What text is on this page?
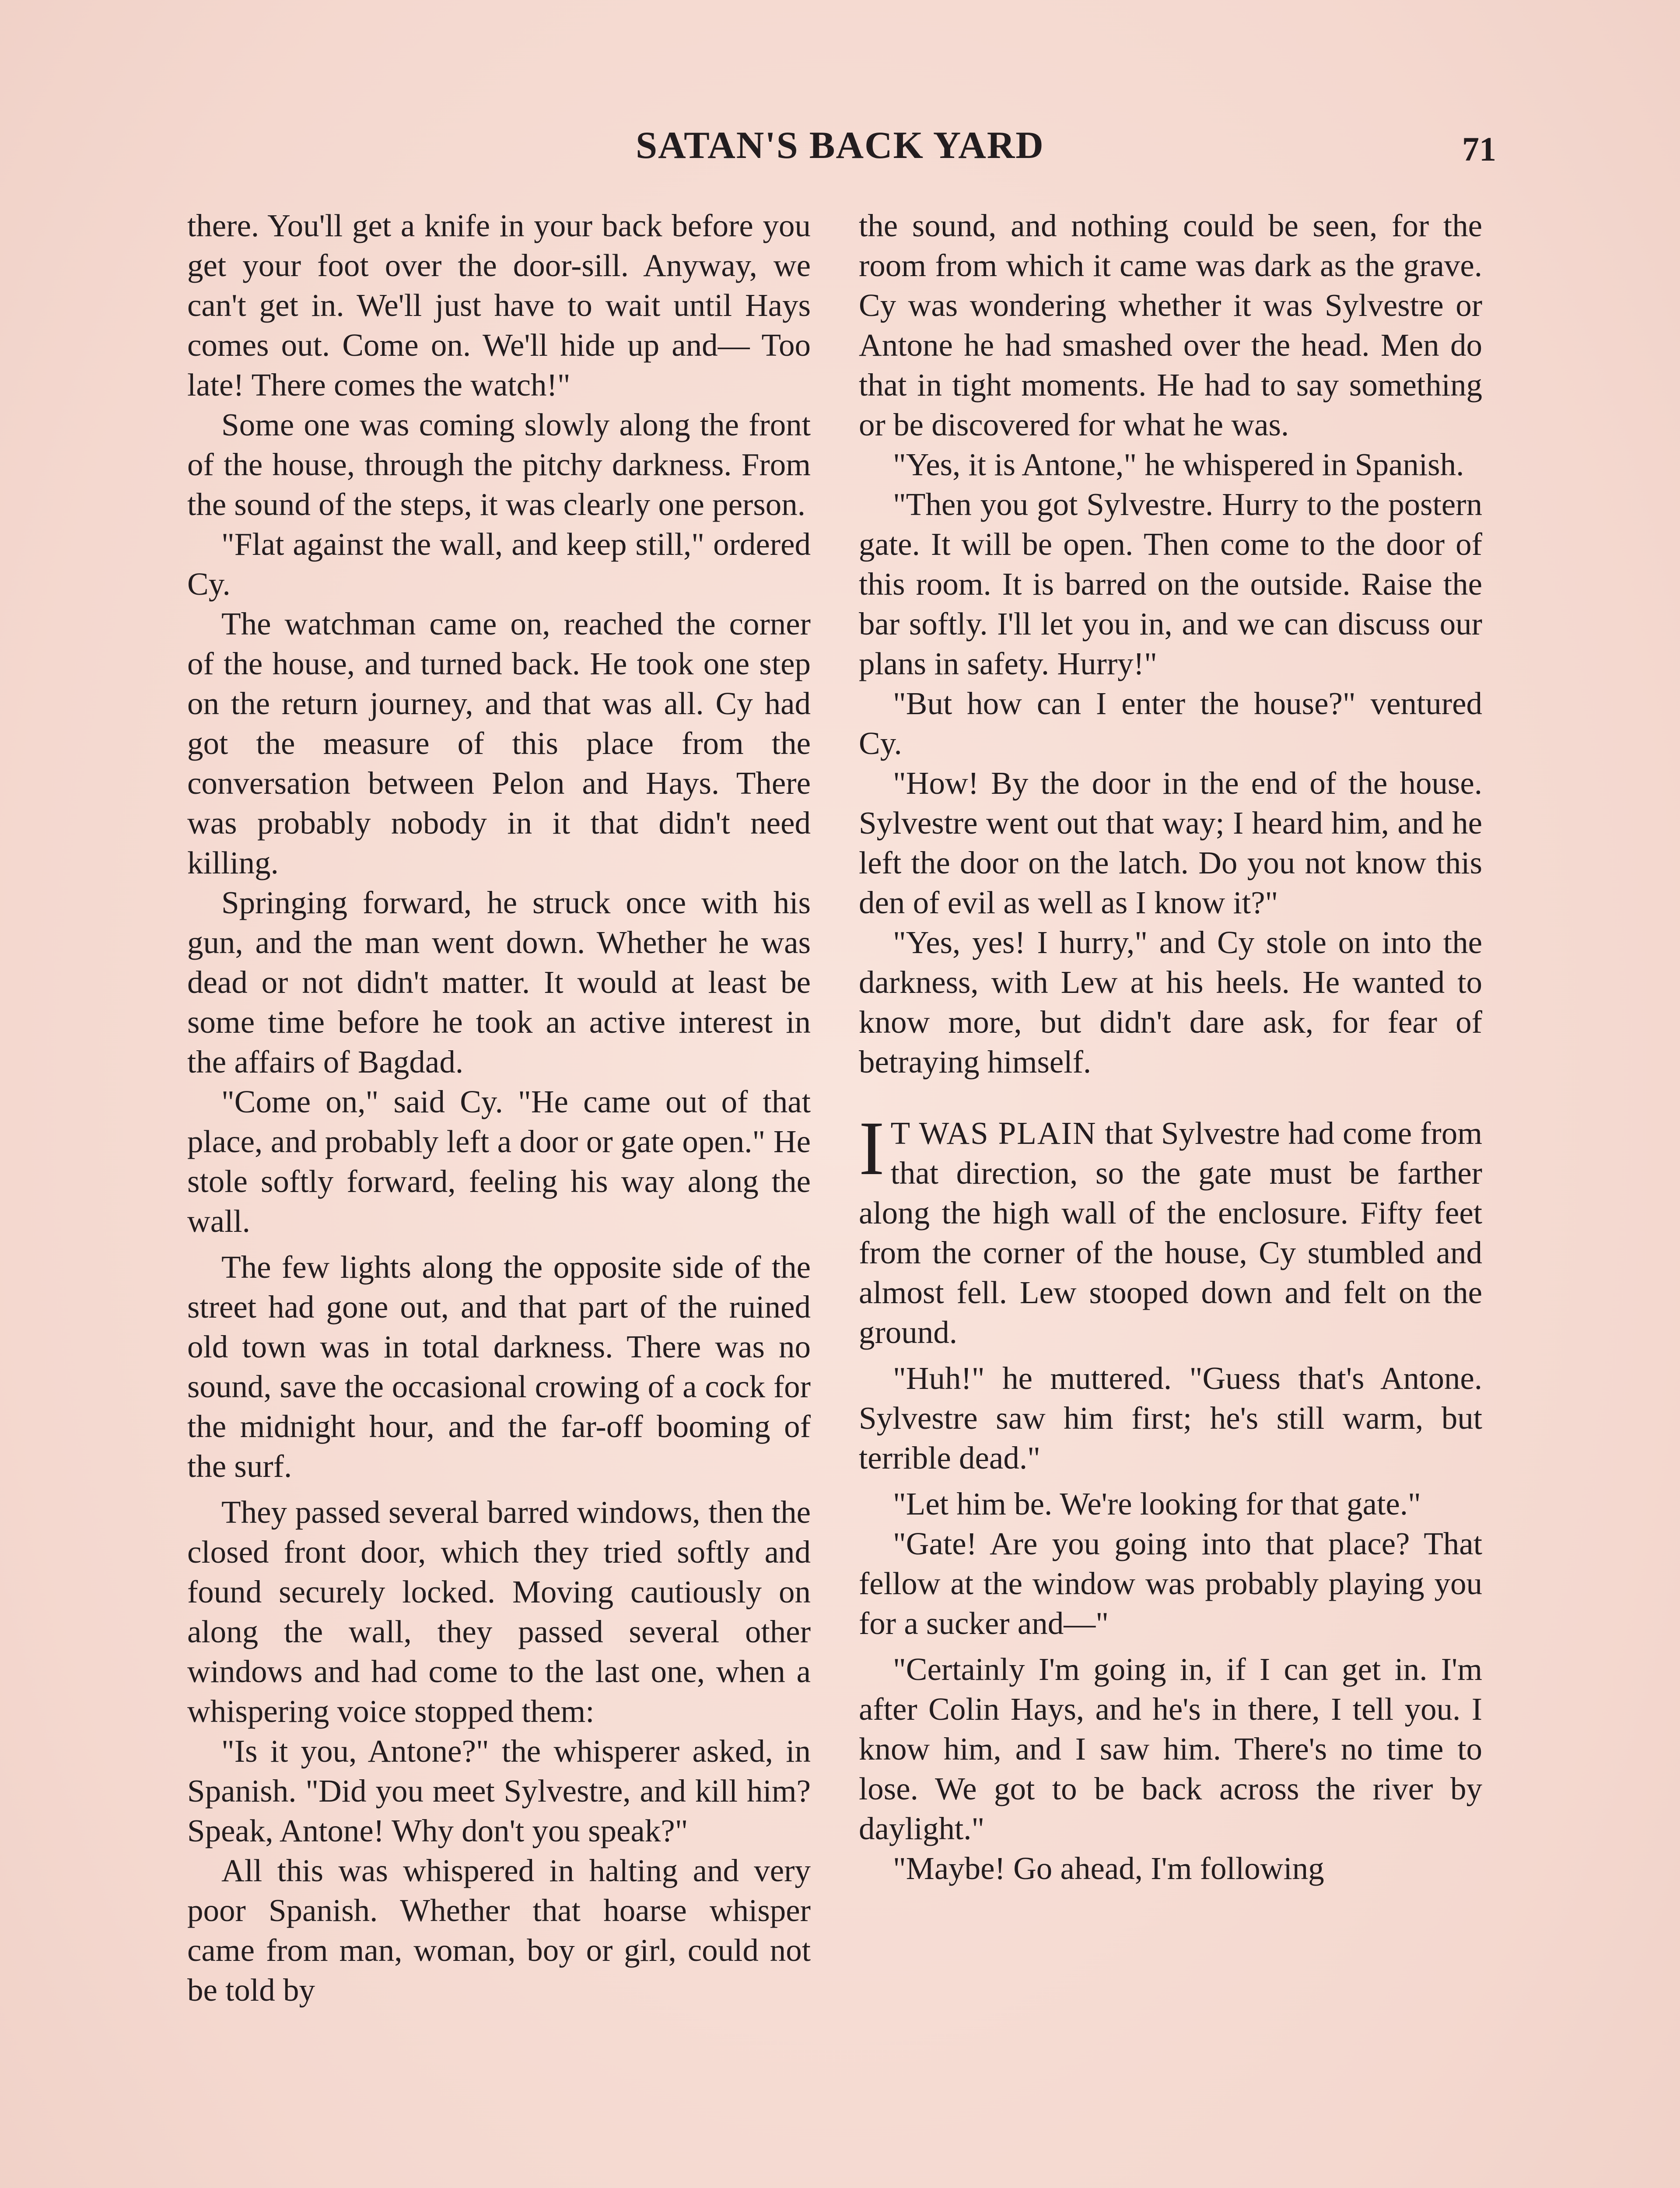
SATAN'S BACK YARD	71

there. You'll get a knife in your back before you get your foot over the door-sill. Anyway, we can't get in. We'll just have to wait until Hays comes out. Come on. We'll hide up and— Too late! There comes the watch!"

Some one was coming slowly along the front of the house, through the pitchy darkness. From the sound of the steps, it was clearly one person.

"Flat against the wall, and keep still," ordered Cy.

The watchman came on, reached the corner of the house, and turned back. He took one step on the return journey, and that was all. Cy had got the measure of this place from the conversation between Pelon and Hays. There was probably nobody in it that didn't need killing.

Springing forward, he struck once with his gun, and the man went down. Whether he was dead or not didn't matter. It would at least be some time before he took an active interest in the affairs of Bagdad.

"Come on," said Cy. "He came out of that place, and probably left a door or gate open." He stole softly forward, feeling his way along the wall.

The few lights along the opposite side of the street had gone out, and that part of the ruined old town was in total darkness. There was no sound, save the occasional crowing of a cock for the midnight hour, and the far-off booming of the surf.

They passed several barred windows, then the closed front door, which they tried softly and found securely locked. Moving cautiously on along the wall, they passed several other windows and had come to the last one, when a whispering voice stopped them:

"Is it you, Antone?" the whisperer asked, in Spanish. "Did you meet Sylvestre, and kill him? Speak, Antone! Why don't you speak?"

All this was whispered in halting and very poor Spanish. Whether that hoarse whisper came from man, woman, boy or girl, could not be told by

the sound, and nothing could be seen, for the room from which it came was dark as the grave. Cy was wondering whether it was Sylvestre or Antone he had smashed over the head. Men do that in tight moments. He had to say something or be discovered for what he was.

"Yes, it is Antone," he whispered in Spanish.

"Then you got Sylvestre. Hurry to the postern gate. It will be open. Then come to the door of this room. It is barred on the outside. Raise the bar softly. I'll let you in, and we can discuss our plans in safety. Hurry!"

"But how can I enter the house?" ventured Cy.

"How! By the door in the end of the house. Sylvestre went out that way; I heard him, and he left the door on the latch. Do you not know this den of evil as well as I know it?"

"Yes, yes! I hurry," and Cy stole on into the darkness, with Lew at his heels. He wanted to know more, but didn't dare ask, for fear of betraying himself.

I T WAS PLAIN that Sylvestre had come from that direction, so the gate must be farther along the high wall of the enclosure. Fifty feet from the corner of the house, Cy stumbled and almost fell. Lew stooped down and felt on the ground.

"Huh!" he muttered. "Guess that's Antone. Sylvestre saw him first; he's still warm, but terrible dead."

"Let him be. We're looking for that gate."

"Gate! Are you going into that place? That fellow at the window was probably playing you for a sucker and—"

"Certainly I'm going in, if I can get in. I'm after Colin Hays, and he's in there, I tell you. I know him, and I saw him. There's no time to lose. We got to be back across the river by daylight."

"Maybe! Go ahead, I'm following
